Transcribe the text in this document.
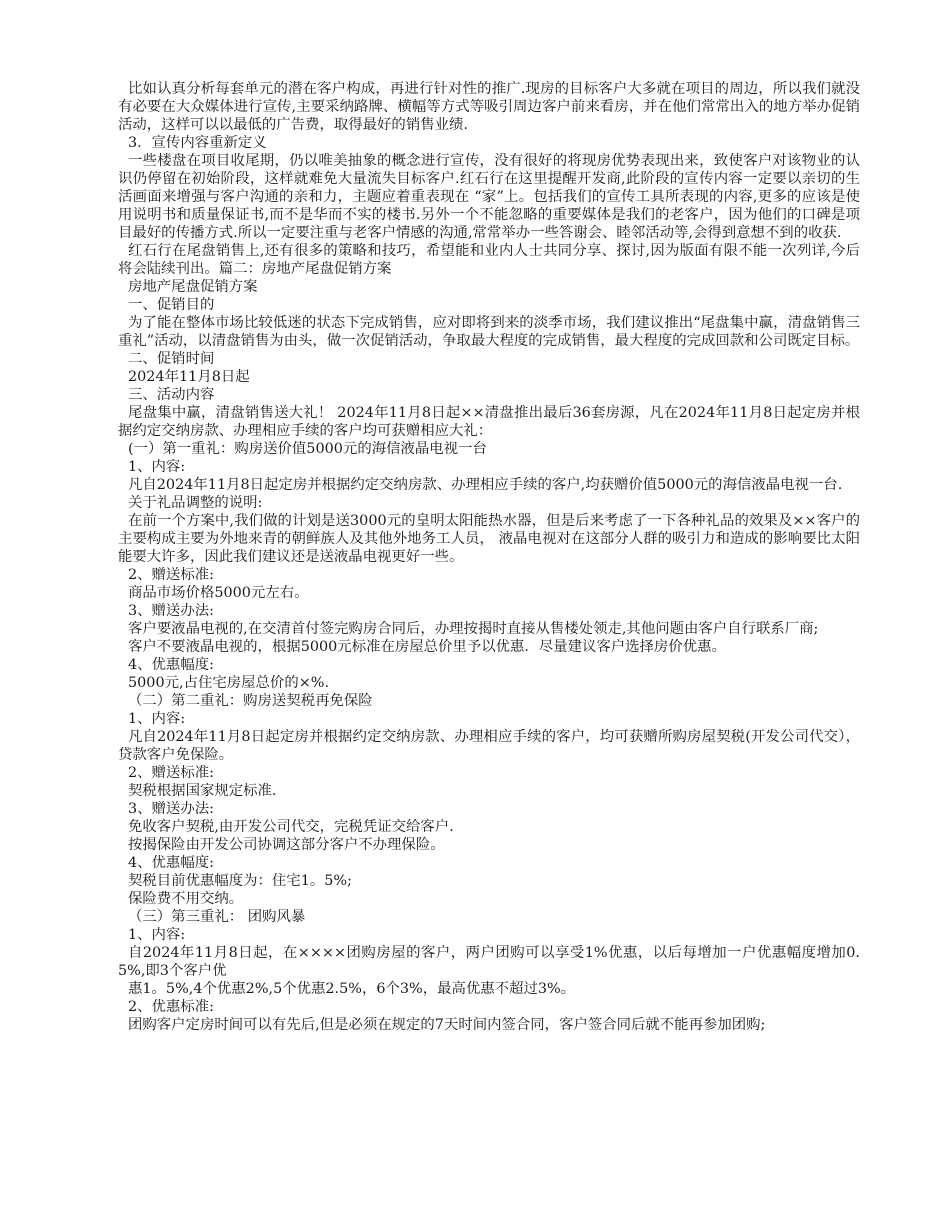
比如认真分析每套单元的潜在客户构成，再进行针对性的推广.现房的目标客户大多就在项目的周边，所以我们就没有必要在大众媒体进行宣传,主要采纳路牌、横幅等方式等吸引周边客户前来看房，并在他们常常出入的地方举办促销活动，这样可以以最低的广告费，取得最好的销售业绩.

3．宣传内容重新定义

一些楼盘在项目收尾期，仍以唯美抽象的概念进行宣传，没有很好的将现房优势表现出来，致使客户对该物业的认识仍停留在初始阶段，这样就难免大量流失目标客户.红石行在这里提醒开发商,此阶段的宣传内容一定要以亲切的生活画面来增强与客户沟通的亲和力，主题应着重表现在 “家”上。包括我们的宣传工具所表现的内容,更多的应该是使用说明书和质量保证书,而不是华而不实的楼书.另外一个不能忽略的重要媒体是我们的老客户，因为他们的口碑是项目最好的传播方式.所以一定要注重与老客户情感的沟通,常常举办一些答谢会、睦邻活动等,会得到意想不到的收获.

红石行在尾盘销售上,还有很多的策略和技巧，希望能和业内人士共同分享、探讨,因为版面有限不能一次列详,今后将会陆续刊出。篇二：房地产尾盘促销方案

房地产尾盘促销方案

一、促销目的

为了能在整体市场比较低迷的状态下完成销售，应对即将到来的淡季市场，我们建议推出“尾盘集中赢，清盘销售三重礼”活动，以清盘销售为由头，做一次促销活动，争取最大程度的完成销售，最大程度的完成回款和公司既定目标。

二、促销时间

2024年11月8日起

三、活动内容

尾盘集中赢，清盘销售送大礼！ 2024年11月8日起××清盘推出最后36套房源，凡在2024年11月8日起定房并根据约定交纳房款、办理相应手续的客户均可获赠相应大礼：

(一）第一重礼：购房送价值5000元的海信液晶电视一台

1、内容:

凡自2024年11月8日起定房并根据约定交纳房款、办理相应手续的客户,均获赠价值5000元的海信液晶电视一台.

关于礼品调整的说明:

在前一个方案中,我们做的计划是送3000元的皇明太阳能热水器，但是后来考虑了一下各种礼品的效果及××客户的主要构成主要为外地来青的朝鲜族人及其他外地务工人员， 液晶电视对在这部分人群的吸引力和造成的影响要比太阳能要大许多，因此我们建议还是送液晶电视更好一些。

2、赠送标准:

商品市场价格5000元左右。

3、赠送办法:

客户要液晶电视的,在交清首付签完购房合同后，办理按揭时直接从售楼处领走,其他问题由客户自行联系厂商;

客户不要液晶电视的，根据5000元标准在房屋总价里予以优惠．尽量建议客户选择房价优惠。

4、优惠幅度:

5000元,占住宅房屋总价的×%.

（二）第二重礼：购房送契税再免保险

1、内容:

凡自2024年11月8日起定房并根据约定交纳房款、办理相应手续的客户，均可获赠所购房屋契税(开发公司代交），贷款客户免保险。

2、赠送标准:

契税根据国家规定标准.

3、赠送办法:

免收客户契税,由开发公司代交，完税凭证交给客户.

按揭保险由开发公司协调这部分客户不办理保险。

4、优惠幅度:

契税目前优惠幅度为：住宅1。5%;

保险费不用交纳。

（三）第三重礼： 团购风暴

1、内容:

自2024年11月8日起，在××××团购房屋的客户，两户团购可以享受1%优惠，以后每增加一户优惠幅度增加0.5%,即3个客户优

惠1。5%,4个优惠2%,5个优惠2.5%，6个3%，最高优惠不超过3%。

2、优惠标准:

团购客户定房时间可以有先后,但是必须在规定的7天时间内签合同，客户签合同后就不能再参加团购;
